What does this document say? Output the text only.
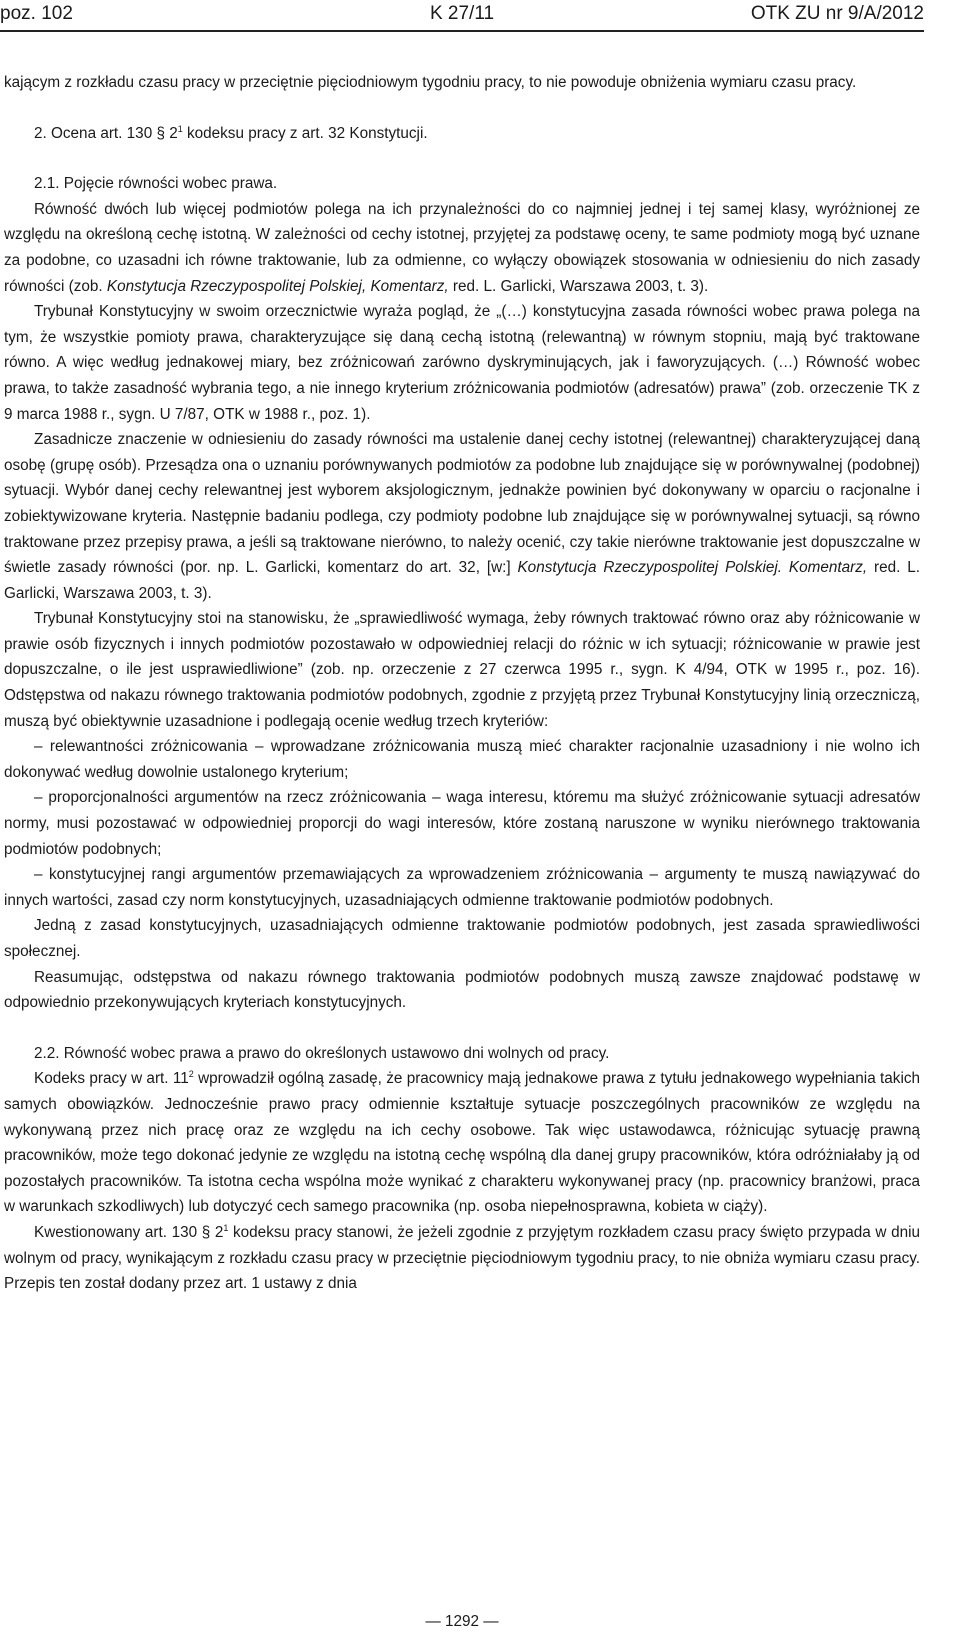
poz. 102	K 27/11	OTK ZU nr 9/A/2012

kającym z rozkładu czasu pracy w przeciętnie pięciodniowym tygodniu pracy, to nie powoduje obniżenia wymiaru czasu pracy.

2. Ocena art. 130 § $2^1$ kodeksu pracy z art. 32 Konstytucji.

2.1. Pojęcie równości wobec prawa.

Równość dwóch lub więcej podmiotów polega na ich przynależności do co najmniej jednej i tej samej klasy, wyróżnionej ze względu na określoną cechę istotną. W zależności od cechy istotnej, przyjętej za podstawę oceny, te same podmioty mogą być uznane za podobne, co uzasadni ich równe traktowanie, lub za odmienne, co wyłączy obowiązek stosowania w odniesieniu do nich zasady równości (zob. Konstytucja Rzeczypospolitej Polskiej, Komentarz, red. L. Garlicki, Warszawa 2003, t. 3).

Trybunał Konstytucyjny w swoim orzecznictwie wyraża pogląd, że „(…) konstytucyjna zasada równości wobec prawa polega na tym, że wszystkie pomioty prawa, charakteryzujące się daną cechą istotną (relewantną) w równym stopniu, mają być traktowane równo. A więc według jednakowej miary, bez zróżnicowań zarówno dyskryminujących, jak i faworyzujących. (…) Równość wobec prawa, to także zasadność wybrania tego, a nie innego kryterium zróżnicowania podmiotów (adresatów) prawa” (zob. orzeczenie TK z 9 marca 1988 r., sygn. U 7/87, OTK w 1988 r., poz. 1).

Zasadnicze znaczenie w odniesieniu do zasady równości ma ustalenie danej cechy istotnej (relewantnej) charakteryzującej daną osobę (grupę osób). Przesądza ona o uznaniu porównywanych podmiotów za podobne lub znajdujące się w porównywalnej (podobnej) sytuacji. Wybór danej cechy relewantnej jest wyborem aksjologicznym, jednakże powinien być dokonywany w oparciu o racjonalne i zobiektywizowane kryteria. Następnie badaniu podlega, czy podmioty podobne lub znajdujące się w porównywalnej sytuacji, są równo traktowane przez przepisy prawa, a jeśli są traktowane nierówno, to należy ocenić, czy takie nierówne traktowanie jest dopuszczalne w świetle zasady równości (por. np. L. Garlicki, komentarz do art. 32, [w:] Konstytucja Rzeczypospolitej Polskiej. Komentarz, red. L. Garlicki, Warszawa 2003, t. 3).

Trybunał Konstytucyjny stoi na stanowisku, że „sprawiedliwość wymaga, żeby równych traktować równo oraz aby różnicowanie w prawie osób fizycznych i innych podmiotów pozostawało w odpowiedniej relacji do różnic w ich sytuacji; różnicowanie w prawie jest dopuszczalne, o ile jest usprawiedliwione” (zob. np. orzeczenie z 27 czerwca 1995 r., sygn. K 4/94, OTK w 1995 r., poz. 16). Odstępstwa od nakazu równego traktowania podmiotów podobnych, zgodnie z przyjętą przez Trybunał Konstytucyjny linią orzeczniczą, muszą być obiektywnie uzasadnione i podlegają ocenie według trzech kryteriów:

– relewantności zróżnicowania – wprowadzane zróżnicowania muszą mieć charakter racjonalnie uzasadniony i nie wolno ich dokonywać według dowolnie ustalonego kryterium;

– proporcjonalności argumentów na rzecz zróżnicowania – waga interesu, któremu ma służyć zróżnicowanie sytuacji adresatów normy, musi pozostawać w odpowiedniej proporcji do wagi interesów, które zostaną naruszone w wyniku nierównego traktowania podmiotów podobnych;

– konstytucyjnej rangi argumentów przemawiających za wprowadzeniem zróżnicowania – argumenty te muszą nawiązywać do innych wartości, zasad czy norm konstytucyjnych, uzasadniających odmienne traktowanie podmiotów podobnych.

Jedną z zasad konstytucyjnych, uzasadniających odmienne traktowanie podmiotów podobnych, jest zasada sprawiedliwości społecznej.

Reasumując, odstępstwa od nakazu równego traktowania podmiotów podobnych muszą zawsze znajdować podstawę w odpowiednio przekonywujących kryteriach konstytucyjnych.

2.2. Równość wobec prawa a prawo do określonych ustawowo dni wolnych od pracy.

Kodeks pracy w art. $11^2$ wprowadził ogólną zasadę, że pracownicy mają jednakowe prawa z tytułu jednakowego wypełniania takich samych obowiązków. Jednocześnie prawo pracy odmiennie kształtuje sytuacje poszczególnych pracowników ze względu na wykonywaną przez nich pracę oraz ze względu na ich cechy osobowe. Tak więc ustawodawca, różnicując sytuację prawną pracowników, może tego dokonać jedynie ze względu na istotną cechę wspólną dla danej grupy pracowników, która odróżniałaby ją od pozostałych pracowników. Ta istotna cecha wspólna może wynikać z charakteru wykonywanej pracy (np. pracownicy branżowi, praca w warunkach szkodliwych) lub dotyczyć cech samego pracownika (np. osoba niepełnosprawna, kobieta w ciąży).

Kwestionowany art. 130 § $2^1$ kodeksu pracy stanowi, że jeżeli zgodnie z przyjętym rozkładem czasu pracy święto przypada w dniu wolnym od pracy, wynikającym z rozkładu czasu pracy w przeciętnie pięciodniowym tygodniu pracy, to nie obniża wymiaru czasu pracy. Przepis ten został dodany przez art. 1 ustawy z dnia

— 1292 —
